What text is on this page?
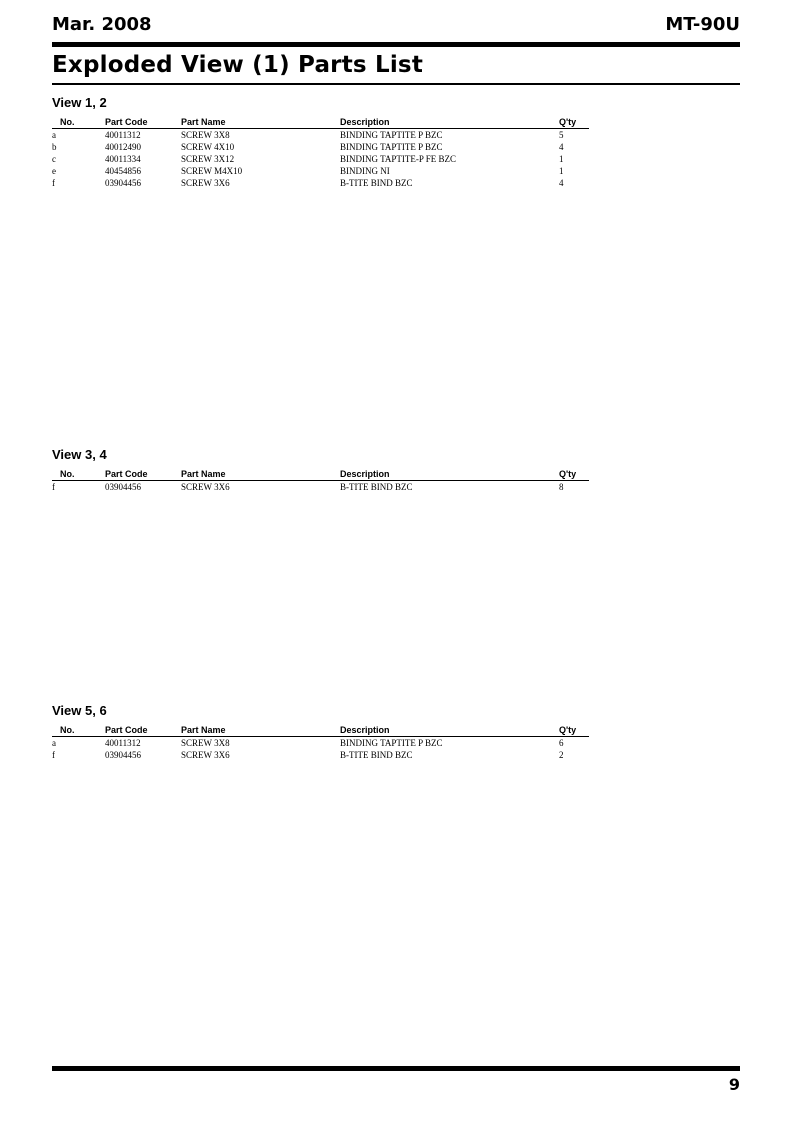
Mar. 2008	MT-90U
Exploded View (1) Parts List
View 1, 2
No.	Part Code	Part Name	Description	Q'ty
a	40011312	SCREW 3X8	BINDING TAPTITE P BZC	5
b	40012490	SCREW 4X10	BINDING TAPTITE P BZC	4
c	40011334	SCREW 3X12	BINDING TAPTITE-P FE BZC	1
e	40454856	SCREW M4X10	BINDING NI	1
f	03904456	SCREW 3X6	B-TITE BIND BZC	4
View 3, 4
No.	Part Code	Part Name	Description	Q'ty
f	03904456	SCREW 3X6	B-TITE BIND BZC	8
View 5, 6
No.	Part Code	Part Name	Description	Q'ty
a	40011312	SCREW 3X8	BINDING TAPTITE P BZC	6
f	03904456	SCREW 3X6	B-TITE BIND BZC	2
9
